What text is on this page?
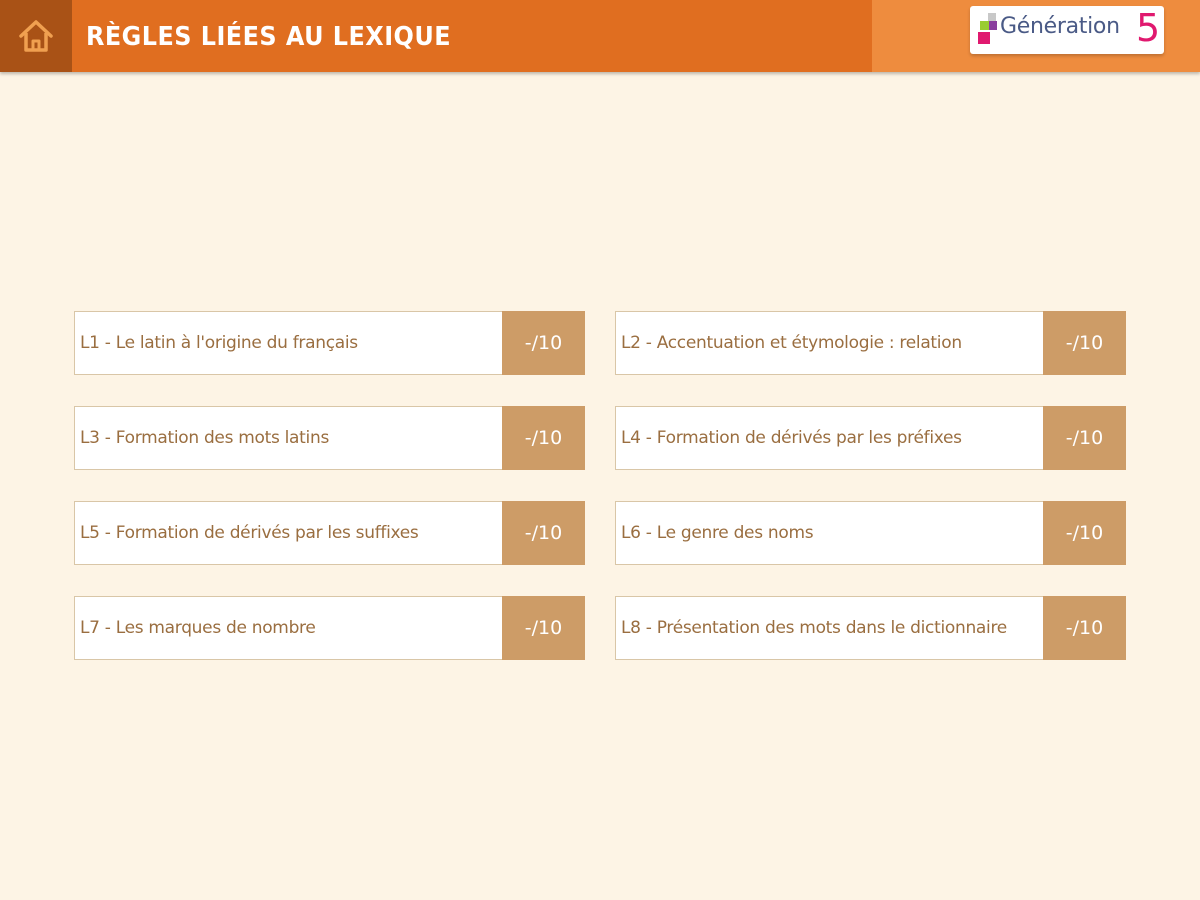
RÈGLES LIÉES AU LEXIQUE	Génération 5
L1 - Le latin à l'origine du français	-/10	L2 - Accentuation et étymologie : relation	-/10
L3 - Formation des mots latins	-/10	L4 - Formation de dérivés par les préfixes	-/10
L5 - Formation de dérivés par les suffixes	-/10	L6 - Le genre des noms	-/10
L7 - Les marques de nombre	-/10	L8 - Présentation des mots dans le dictionnaire	-/10
